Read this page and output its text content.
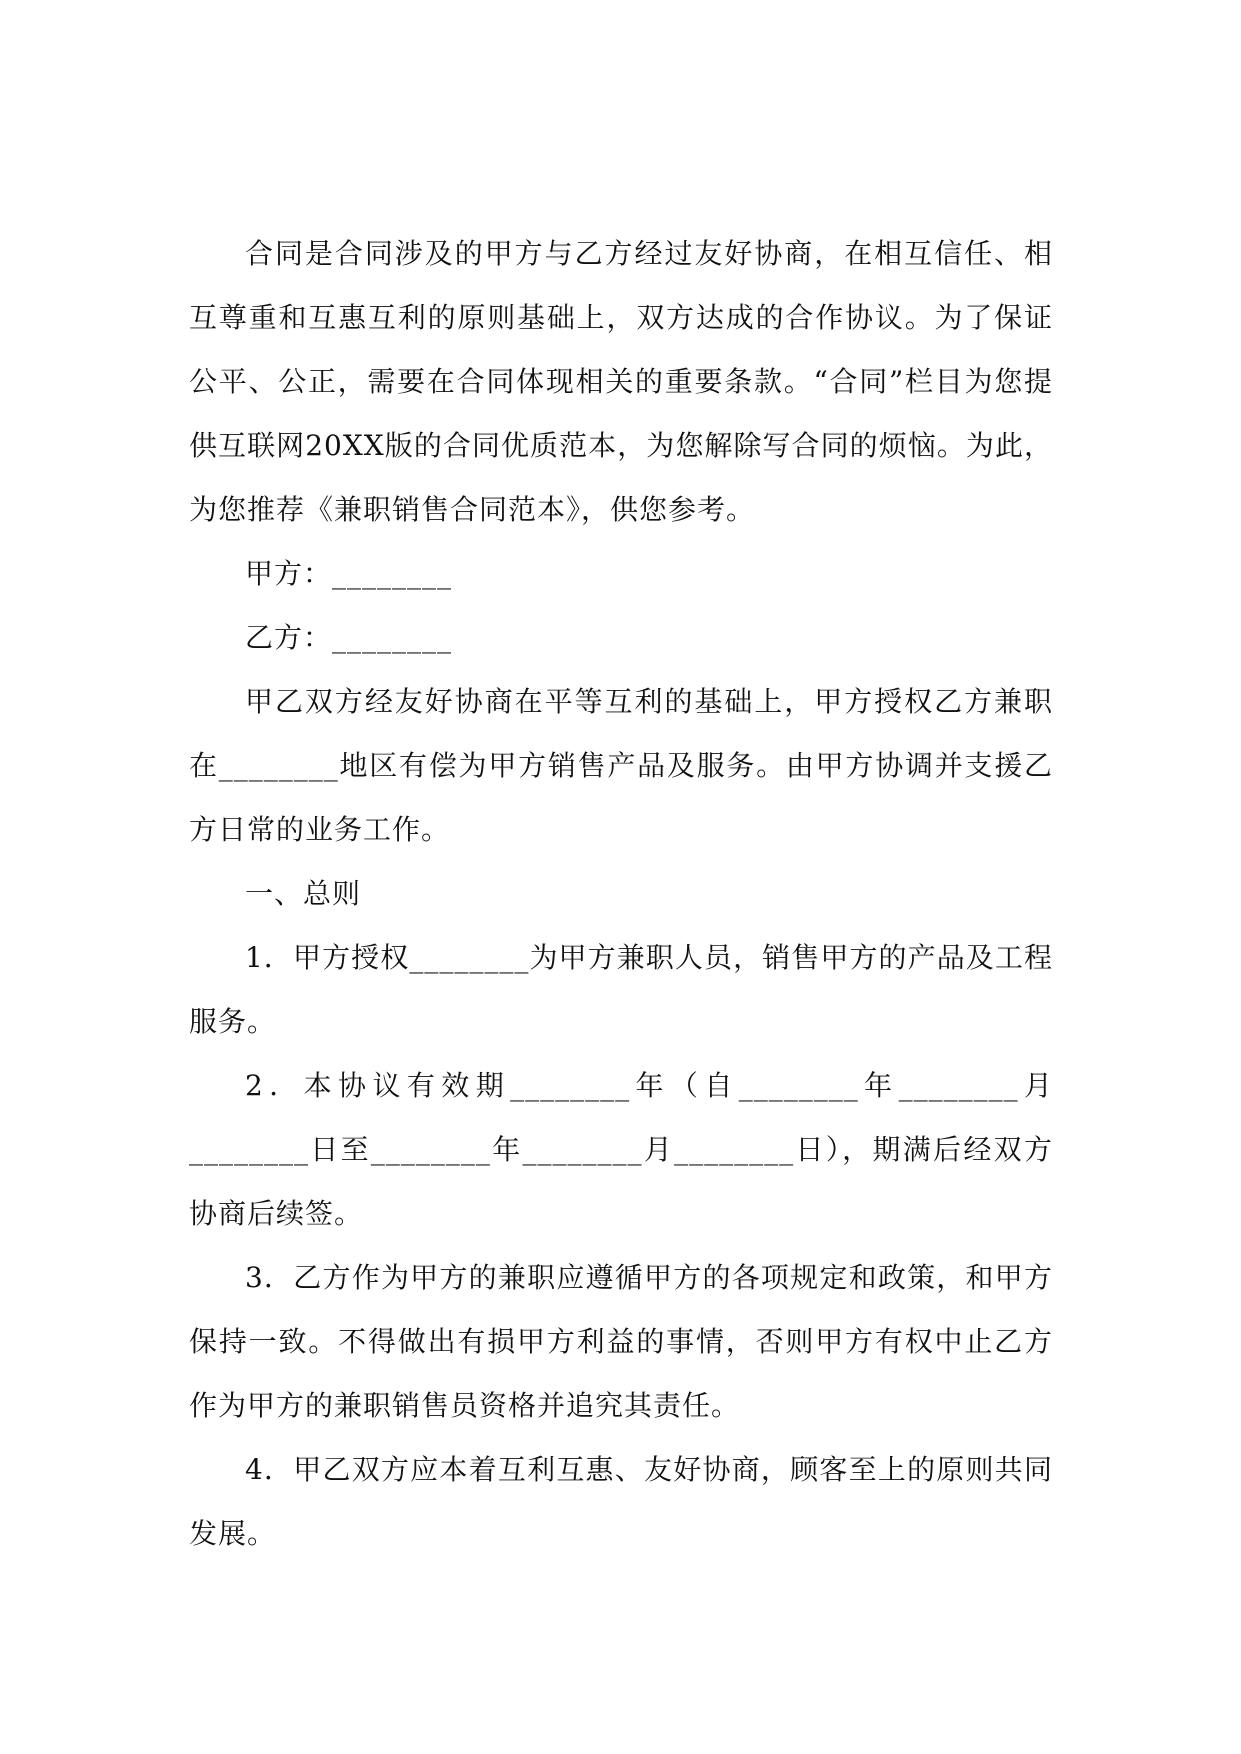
合同是合同涉及的甲方与乙方经过友好协商，在相互信任、相互尊重和互惠互利的原则基础上，双方达成的合作协议。为了保证公平、公正，需要在合同体现相关的重要条款。“合同”栏目为您提供互联网20XX版的合同优质范本，为您解除写合同的烦恼。为此，为您推荐《兼职销售合同范本》，供您参考。

甲方：________

乙方：________

甲乙双方经友好协商在平等互利的基础上，甲方授权乙方兼职在________地区有偿为甲方销售产品及服务。由甲方协调并支援乙方日常的业务工作。

一、总则

1．甲方授权________为甲方兼职人员，销售甲方的产品及工程服务。

2．本协议有效期________年（自________年________月________日至________年________月________日），期满后经双方协商后续签。

3．乙方作为甲方的兼职应遵循甲方的各项规定和政策，和甲方保持一致。不得做出有损甲方利益的事情，否则甲方有权中止乙方作为甲方的兼职销售员资格并追究其责任。

4．甲乙双方应本着互利互惠、友好协商，顾客至上的原则共同发展。
